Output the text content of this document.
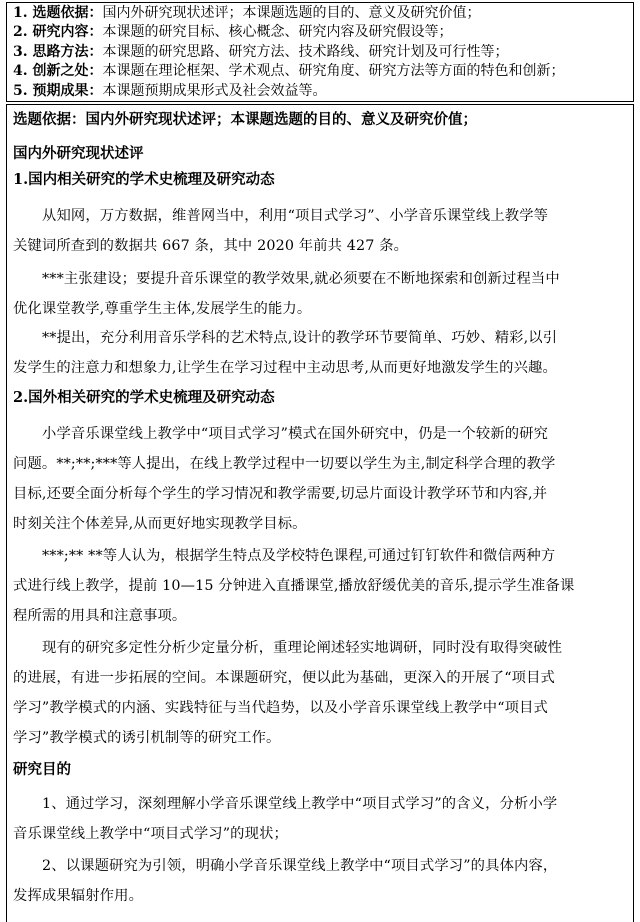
1. 选题依据：国内外研究现状述评；本课题选题的目的、意义及研究价值；
2. 研究内容：本课题的研究目标、核心概念、研究内容及研究假设等；
3. 思路方法：本课题的研究思路、研究方法、技术路线、研究计划及可行性等；
4. 创新之处：本课题在理论框架、学术观点、研究角度、研究方法等方面的特色和创新；
5. 预期成果：本课题预期成果形式及社会效益等。
选题依据：国内外研究现状述评；本课题选题的目的、意义及研究价值；
国内外研究现状述评
1.国内相关研究的学术史梳理及研究动态
从知网，万方数据，维普网当中，利用“项目式学习”、小学音乐课堂线上教学等
关键词所查到的数据共 667 条，其中 2020 年前共 427 条。
***主张建设；要提升音乐课堂的教学效果,就必须要在不断地探索和创新过程当中
优化课堂教学,尊重学生主体,发展学生的能力。
**提出，充分利用音乐学科的艺术特点,设计的教学环节要简单、巧妙、精彩,以引
发学生的注意力和想象力,让学生在学习过程中主动思考,从而更好地激发学生的兴趣。
2.国外相关研究的学术史梳理及研究动态
小学音乐课堂线上教学中“项目式学习”模式在国外研究中，仍是一个较新的研究
问题。**;**;***等人提出，在线上教学过程中一切要以学生为主,制定科学合理的教学
目标,还要全面分析每个学生的学习情况和教学需要,切忌片面设计教学环节和内容,并
时刻关注个体差异,从而更好地实现教学目标。
***;** **等人认为，根据学生特点及学校特色课程,可通过钉钉软件和微信两种方
式进行线上教学，提前 10—15 分钟进入直播课堂,播放舒缓优美的音乐,提示学生准备课
程所需的用具和注意事项。
现有的研究多定性分析少定量分析，重理论阐述轻实地调研，同时没有取得突破性
的进展，有进一步拓展的空间。本课题研究，便以此为基础，更深入的开展了“项目式
学习”教学模式的内涵、实践特征与当代趋势，以及小学音乐课堂线上教学中“项目式
学习”教学模式的诱引机制等的研究工作。
研究目的
1、通过学习，深刻理解小学音乐课堂线上教学中“项目式学习”的含义，分析小学
音乐课堂线上教学中“项目式学习”的现状；
2、以课题研究为引领，明确小学音乐课堂线上教学中“项目式学习”的具体内容，
发挥成果辐射作用。
